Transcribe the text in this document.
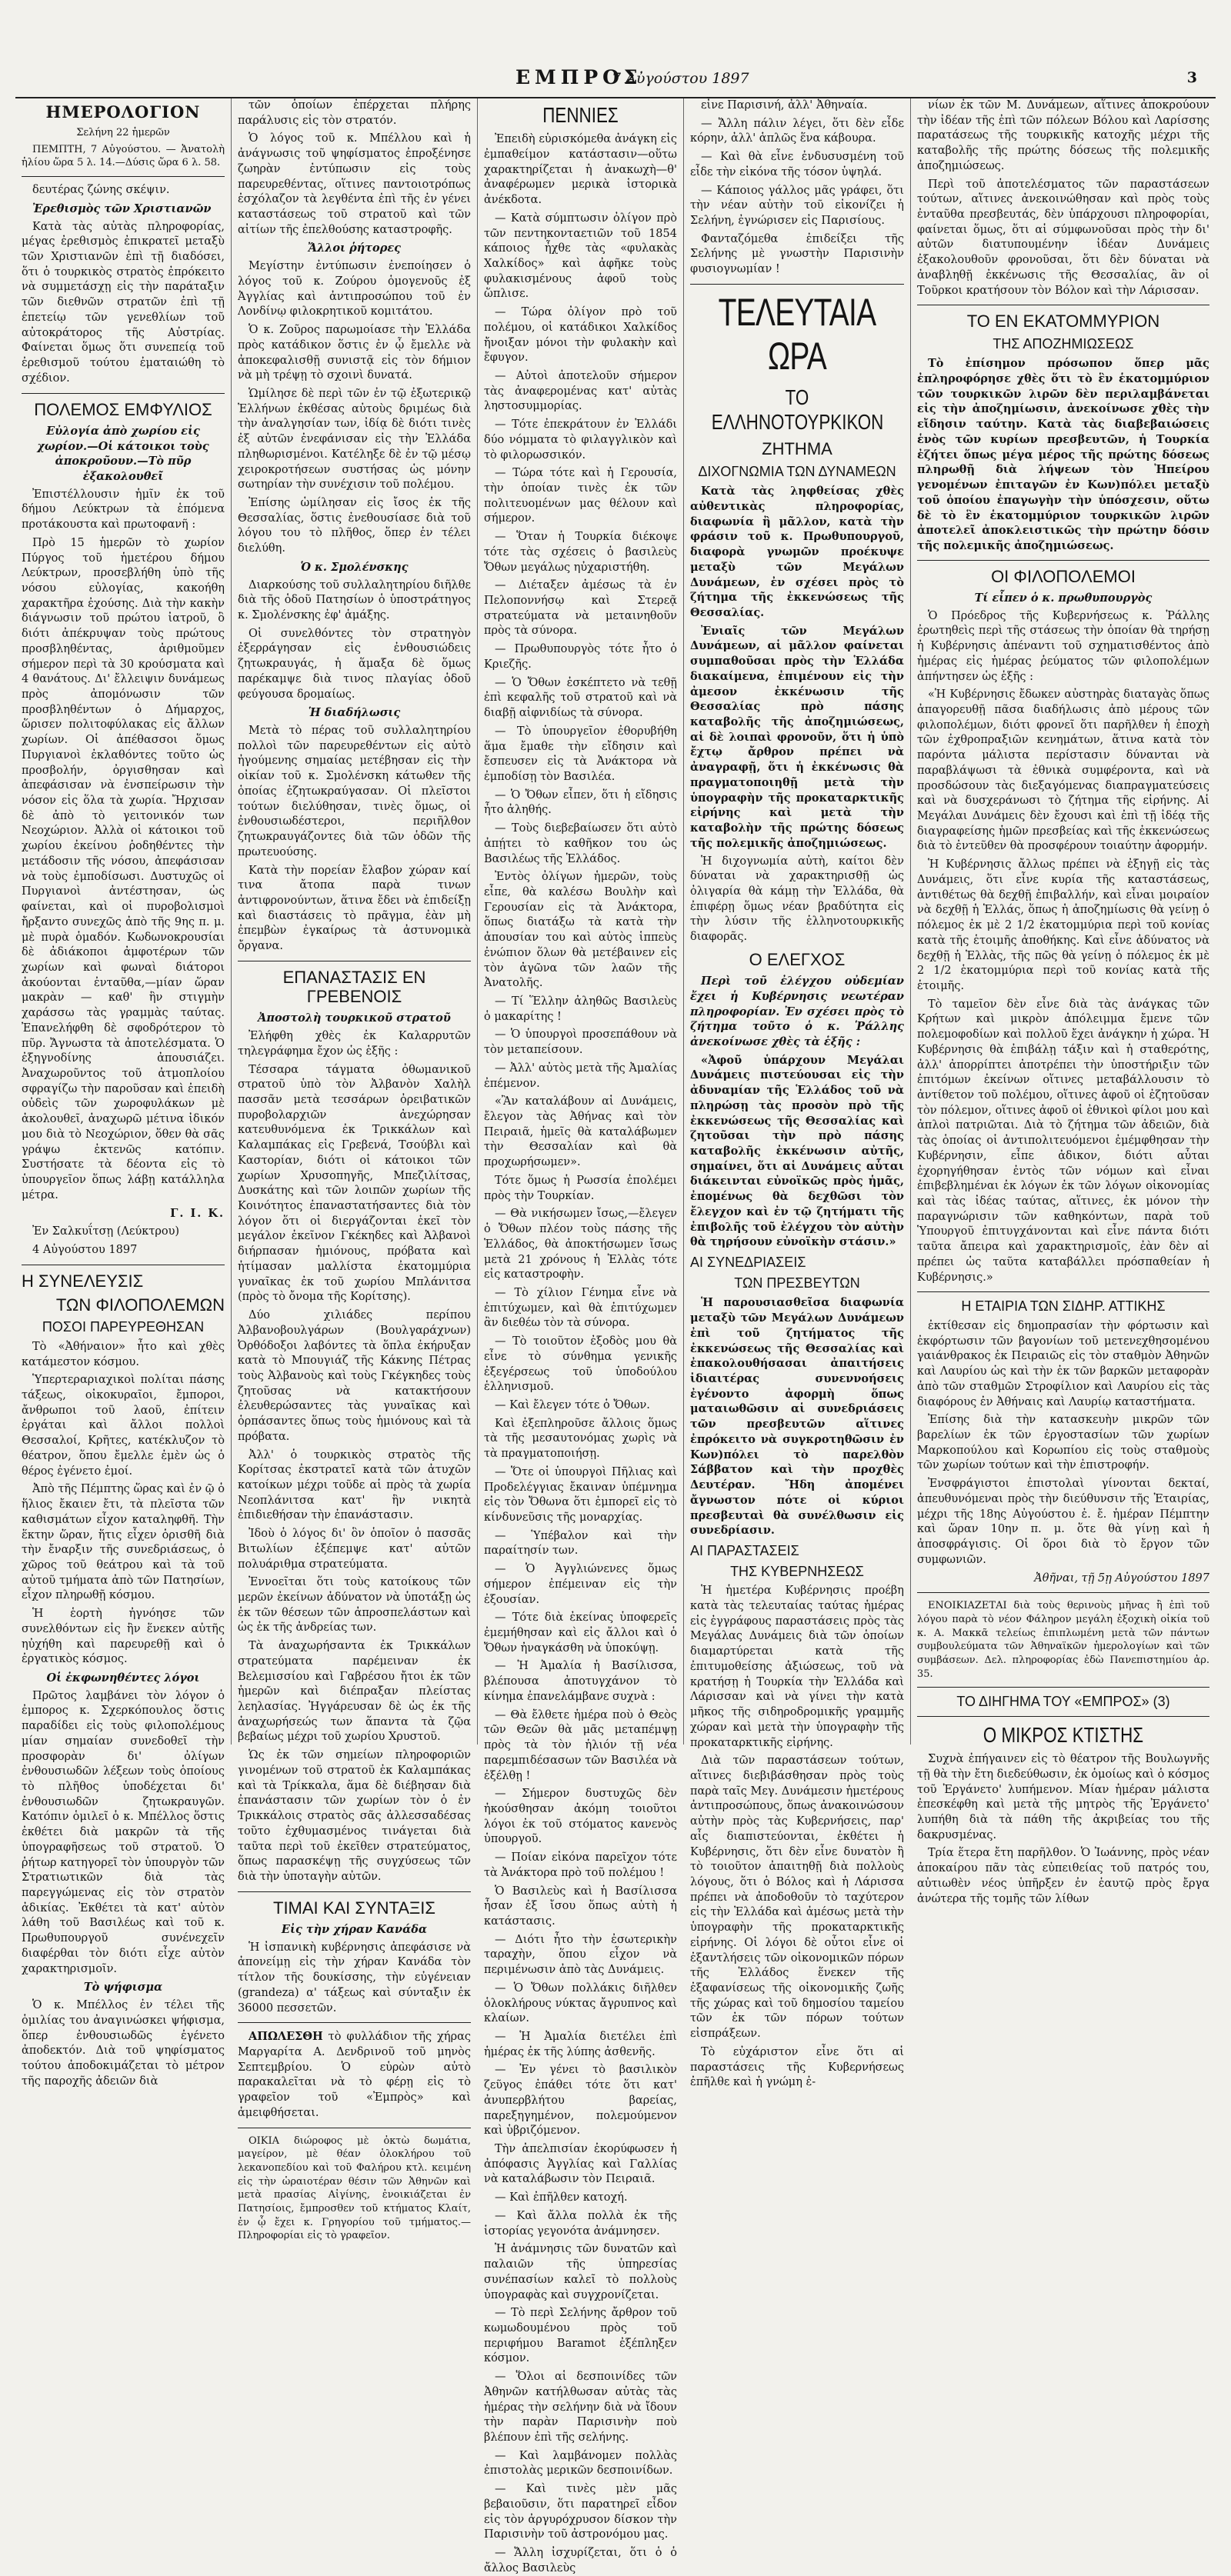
ΕΜΠΡΟΣ
7 Αὐγούστου 1897	3
ΗΜΕΡΟΛΟΓΙΟΝ

Σελήνη 22 ἡμερῶν

ΠΕΜΠΤΗ, 7 Αὐγούστου. — Ἀνατολὴ ἡλίου ὥρα 5 λ. 14.—Δύσις ὥρα 6 λ. 58.

δευτέρας ζώνης σκέψιν.

Ἐρεθισμὸς τῶν Χριστιανῶν

Κατὰ τὰς αὐτὰς πληροφορίας, μέγας ἐρεθισμὸς ἐπικρατεῖ μεταξὺ τῶν Χριστιανῶν ἐπὶ τῇ διαδόσει, ὅτι ὁ τουρκικὸς στρατὸς ἐπρόκειτο νὰ συμμετάσχῃ εἰς τὴν παράταξιν τῶν διεθνῶν στρατῶν ἐπὶ τῇ ἐπετείῳ τῶν γενεθλίων τοῦ αὐτοκράτορος τῆς Αὐστρίας. Φαίνεται ὅμως ὅτι συνεπείᾳ τοῦ ἐρεθισμοῦ τούτου ἐματαιώθη τὸ σχέδιον.

ΠΟΛΕΜΟΣ ΕΜΦΥΛΙΟΣ

Εὐλογία ἀπὸ χωρίου εἰς χωρίον.—Οἱ κάτοικοι τοὺς ἀποκροῦουν.—Τὸ πῦρ ἐξακολουθεῖ

Ἐπιστέλλουσιν ἡμῖν ἐκ τοῦ δήμου Λεύκτρων τὰ ἑπόμενα προτάκουστα καὶ πρωτοφανῆ :

Πρὸ 15 ἡμερῶν τὸ χωρίον Πύργος τοῦ ἡμετέρου δήμου Λεύκτρων, προσεβλήθη ὑπὸ τῆς νόσου εὐλογίας, κακοήθη χαρακτῆρα ἐχούσης. Διὰ τὴν κακὴν διάγνωσιν τοῦ πρώτου ἰατροῦ, ὃ διότι ἀπέκρυψαν τοὺς πρώτους προσβληθέντας, ἀριθμοῦμεν σήμερον περὶ τὰ 30 κρούσματα καὶ 4 θανάτους. Δι' ἔλλειψιν δυνάμεως πρὸς ἀπομόνωσιν τῶν προσβληθέντων ὁ Δήμαρχος, ὥρισεν πολιτοφύλακας εἰς ἄλλων χωρίων. Οἱ ἀπέθασσοι ὅμως Πυργιανοὶ ἐκλαθόντες τοῦτο ὡς προσβολήν, ὀργισθησαν καὶ ἀπεφάσισαν νὰ ἐνσπείρωσιν τὴν νόσον εἰς ὅλα τὰ χωρία. Ἤρχισαν δὲ ἀπὸ τὸ γειτονικόν των Νεοχώριον. Ἀλλὰ οἱ κάτοικοι τοῦ χωρίου ἐκείνου ῥοδηθέντες τὴν μετάδοσιν τῆς νόσου, ἀπεφάσισαν νὰ τοὺς ἐμποδίσωσι. Δυστυχῶς οἱ Πυργιανοὶ ἀντέστησαν, ὡς φαίνεται, καὶ οἱ πυροβολισμοὶ ἤρξαντο συνεχῶς ἀπὸ τῆς 9ης π. μ. μὲ πυρὰ ὁμαδόν. Κωδωνοκρουσίαι δὲ ἀδιάκοποι ἀμφοτέρων τῶν χωρίων καὶ φωναὶ διάτοροι ἀκούονται ἐνταῦθα,—μίαν ὥραν μακρὰν — καθ' ἣν στιγμὴν χαράσσω τὰς γραμμὰς ταύτας. Ἐπανελήφθη δὲ σφοδρότερον τὸ πῦρ. Ἄγνωστα τὰ ἀποτελέσματα. Ὁ ἐξηγνοδίνης ἀπουσιάζει. Ἀναχωροῦντος τοῦ ἀτμοπλοίου σφραγίζω τὴν παροῦσαν καὶ ἐπειδὴ οὐδεὶς τῶν χωροφυλάκων μὲ ἀκολουθεῖ, ἀναχωρῶ μέτινα ἰδικόν μου διὰ τὸ Νεοχώριον, ὅθεν θὰ σᾶς γράψω ἐκτενῶς κατόπιν. Συστήσατε τὰ δέοντα εἰς τὸ ὑπουργεῖον ὅπως λάβῃ κατάλληλα μέτρα.

Γ. Ι. Κ.

Ἐν Σαλκυΐτσῃ (Λεύκτρου)

4 Αὐγούστου 1897

Η ΣΥΝΕΛΕΥΣΙΣ
ΤΩΝ ΦΙΛΟΠΟΛΕΜΩΝ
ΠΟΣΟΙ ΠΑΡΕΥΡΕΘΗΣΑΝ

Τὸ «Ἀθήναιον» ἦτο καὶ χθὲς κατάμεστον κόσμου.

Ὑπερτεραριαχικοὶ πολίται πάσης τάξεως, οἰκοκυραῖοι, ἔμποροι, ἄνθρωποι τοῦ λαοῦ, ἐπίτειν ἐργάται καὶ ἄλλοι πολλοὶ Θεσσαλοί, Κρῆτες, κατέκλυζον τὸ θέατρον, ὅπου ἔμελλε ἐμὲν ὡς ὁ θέρος ἐγένετο ἐμοί.

Ἀπὸ τῆς Πέμπτης ὥρας καὶ ἐν ῷ ὁ ἥλιος ἔκαιεν ἔτι, τὰ πλεῖστα τῶν καθισμάτων εἶχον καταληφθῆ. Τὴν ἕκτην ὥραν, ἥτις εἶχεν ὁρισθῆ διὰ τὴν ἔναρξιν τῆς συνεδριάσεως, ὁ χῶρος τοῦ θεάτρου καὶ τὰ τοῦ αὐτοῦ τμήματα ἀπὸ τῶν Πατησίων, εἶχον πληρωθῇ κόσμου.

Ἡ ἑορτὴ ἠγνόησε τῶν συνελθόντων εἰς ἣν ἕνεκεν αὐτῆς ηὐχήθη καὶ παρευρεθῇ καὶ ὁ ἐργατικὸς κόσμος.

Οἱ ἐκφωνηθέντες λόγοι

Πρῶτος λαμβάνει τὸν λόγον ὁ ἐμπορος κ. Σχερκόπουλος ὅστις παραδίδει εἰς τοὺς φιλοπολέμους μίαν σημαίαν συνεδοθεῖ τὴν προσφορὰν δι' ὀλίγων ἐνθουσιωδῶν λέξεων τοὺς ὁποίους τὸ πλῆθος ὑποδέχεται δι' ἐνθουσιωδῶν ζητωκραυγῶν. Κατόπιν ὁμιλεῖ ὁ κ. Μπέλλος ὅστις ἐκθέτει διὰ μακρῶν τὰ τῆς ὑπογραφῆσεως τοῦ στρατοῦ. Ὁ ῥήτωρ κατηγορεῖ τὸν ὑπουργὸν τῶν Στρατιωτικῶν διὰ τὰς παρεγγώμενας εἰς τὸν στρατὸν ἀδικίας. Ἐκθέτει τὰ κατ' αὐτὸν λάθη τοῦ Βασιλέως καὶ τοῦ κ. Πρωθυπουργοῦ συνένεχεῖν διαφέρθαι τὸν διότι εἶχε αὐτὸν χαρακτηρισμοῖν.

Τὸ ψήφισμα

Ὁ κ. Μπέλλος ἐν τέλει τῆς ὁμιλίας του ἀναγινώσκει ψήφισμα, ὅπερ ἐνθουσιωδῶς ἐγένετο ἀποδεκτόν. Διὰ τοῦ ψηφίσματος τούτου ἀποδοκιμάζεται τὸ μέτρον τῆς παροχῆς ἀδειῶν διὰ

τῶν ὁποίων ἐπέρχεται πλήρης παράλυσις εἰς τὸν στρατόν.

Ὁ λόγος τοῦ κ. Μπέλλου καὶ ἡ ἀνάγνωσις τοῦ ψηφίσματος ἐπροξένησε ζωηρὰν ἐντύπωσιν εἰς τοὺς παρευρεθέντας, οἵτινες παντοιοτρόπως ἐσχόλαζον τὰ λεγθέντα ἐπὶ τῆς ἐν γένει καταστάσεως τοῦ στρατοῦ καὶ τῶν αἰτίων τῆς ἐπελθούσης καταστροφῆς.

Ἄλλοι ῥήτορες

Μεγίστην ἐντύπωσιν ἐνεποίησεν ὁ λόγος τοῦ κ. Ζούρου ὁμογενοῦς ἐξ Ἀγγλίας καὶ ἀντιπροσώπου τοῦ ἐν Λονδίνῳ φιλοκρητικοῦ κομιτάτου.

Ὁ κ. Ζοῦρος παρωμοίασε τὴν Ἑλλάδα πρὸς κατάδικον ὅστις ἐν ᾧ ἔμελλε νὰ ἀποκεφαλισθῇ συνιστᾷ εἰς τὸν δήμιον νὰ μὴ τρέψῃ τὸ σχοινὶ δυνατά.

Ὡμίλησε δὲ περὶ τῶν ἐν τῷ ἐξωτερικῷ Ἑλλήνων ἐκθέσας αὐτοὺς δριμέως διὰ τὴν ἀναλγησίαν των, ἰδίᾳ δὲ διότι τινὲς ἐξ αὐτῶν ἐνεφάνισαν εἰς τὴν Ἑλλάδα πληθωρισμένοι. Κατέληξε δὲ ἐν τῷ μέσῳ χειροκροτήσεων συστήσας ὡς μόνην σωτηρίαν τὴν συνέχισιν τοῦ πολέμου.

Ἐπίσης ὡμίλησαν εἰς ἴσος ἐκ τῆς Θεσσαλίας, ὅστις ἐνεθουσίασε διὰ τοῦ λόγου του τὸ πλῆθος, ὅπερ ἐν τέλει διελύθη.

Ὁ κ. Σμολένσκης

Διαρκούσης τοῦ συλλαλητηρίου διῆλθε διὰ τῆς ὁδοῦ Πατησίων ὁ ὑποστράτηγος κ. Σμολένσκης ἐφ' ἁμάξης.

Οἱ συνελθόντες τὸν στρατηγὸν ἐξερράγησαν εἰς ἐνθουσιώδεις ζητωκραυγάς, ἡ ἅμαξα δὲ ὅμως παρέκαμψε διὰ τινος πλαγίας ὁδοῦ φεύγουσα δρομαίως.

Ἡ διαδήλωσις

Μετὰ τὸ πέρας τοῦ συλλαλητηρίου πολλοὶ τῶν παρευρεθέντων εἰς αὐτὸ ἠγούμενης σημαίας μετέβησαν εἰς τὴν οἰκίαν τοῦ κ. Σμολένσκη κάτωθεν τῆς ὁποίας ἐζητωκραύγασαν. Οἱ πλεῖστοι τούτων διελύθησαν, τινὲς ὅμως, οἱ ἐνθουσιωδέστεροι, περιῆλθον ζητωκραυγάζοντες διὰ τῶν ὁδῶν τῆς πρωτευούσης.

Κατὰ τὴν πορείαν ἔλαβον χώραν καί τινα ἄτοπα παρὰ τινων ἀντιφρονούντων, ἅτινα ἔδει νὰ ἐπιδείξῃ καὶ διαστάσεις τὸ πρᾶγμα, ἐὰν μὴ ἐπεμβὼν ἐγκαίρως τὰ ἀστυνομικὰ ὄργανα.

ΕΠΑΝΑΣΤΑΣΙΣ ΕΝ ΓΡΕΒΕΝΟΙΣ

Ἀποστολὴ τουρκικοῦ στρατοῦ

Ἐλήφθη χθὲς ἐκ Καλαρρυτῶν τηλεγράφημα ἔχον ὡς ἑξῆς :

Τέσσαρα τάγματα ὀθωμανικοῦ στρατοῦ ὑπὸ τὸν Ἀλβανὸν Χαλὴλ πασσᾶν μετὰ τεσσάρων ὀρειβατικῶν πυροβολαρχιῶν ἀνεχώρησαν κατευθυνόμενα ἐκ Τρικκάλων καὶ Καλαμπάκας εἰς Γρεβενά, Τσούβλι καὶ Καστορίαν, διότι οἱ κάτοικοι τῶν χωρίων Χρυσοπηγῆς, Μπεζιλίτσας, Δυσκάτης καὶ τῶν λοιπῶν χωρίων τῆς Κοινότητος ἐπαναστατήσαντες διὰ τὸν λόγον ὅτι οἱ διεργάζονται ἐκεῖ τὸν μεγάλον ἐκεῖνον Γκέκηδες καὶ Ἀλβανοὶ διήρπασαν ἡμιόνους, πρόβατα καὶ ἠτίμασαν μαλλίστα ἐκατομμύρια γυναῖκας ἐκ τοῦ χωρίου Μπλάνιτσα (πρὸς τὸ ὄνομα τῆς Κορίτσης).

Δύο χιλιάδες περίπου Ἀλβανοβουλγάρων (Βουλγαράχνων) Ὀρθόδοξοι λαβόντες τὰ ὅπλα ἐκήρυξαν κατὰ τὸ Μπουγιάζ τῆς Κάκνης Πέτρας τοὺς Ἀλβανοὺς καὶ τοὺς Γκέγκηδες τοὺς ζητοῦσας νὰ κατακτήσουν ἐλευθερώσαντες τὰς γυναῖκας καὶ ὁρπάσαντες ὅπως τοὺς ἡμιόνους καὶ τὰ πρόβατα.

Ἀλλ' ὁ τουρκικὸς στρατὸς τῆς Κορίτσας ἐκστρατεῖ κατὰ τῶν ἀτυχῶν κατοίκων μέχρι τοῦδε αἱ πρὸς τὰ χωρία Νεοπλάνιτσα κατ' ἣν νικητὰ ἐπιδιεθήσαν τὴν ἐπανάστασιν.

Ἰδοὺ ὁ λόγος δι' ὃν ὁποῖον ὁ πασσᾶς Βιτωλίων ἐξέπεμψε κατ' αὐτῶν πολυάριθμα στρατεύματα.

Ἐννοεῖται ὅτι τοὺς κατοίκους τῶν μερῶν ἐκείνων ἀδύνατον νὰ ὑποτάξῃ ὡς ἐκ τῶν θέσεων τῶν ἀπροσπελάστων καὶ ὡς ἐκ τῆς ἀνδρείας των.

Τὰ ἀναχωρήσαντα ἐκ Τρικκάλων στρατεύματα παρέμειναν ἐκ Βελεμισσίου καὶ Γαβρέσου ἤτοι ἐκ τῶν ἡμερῶν καὶ διέπραξαν πλείστας λεηλασίας. Ἠγγάρευσαν δὲ ὡς ἐκ τῆς ἀναχωρήσεώς των ἅπαντα τὰ ζῷα βεβαίως μέχρι τοῦ χωρίου Χρυστοῦ.

Ὡς ἐκ τῶν σημείων πληροφοριῶν γινομένων τοῦ στρατοῦ ἐκ Καλαμπάκας καὶ τὰ Τρίκκαλα, ἅμα δὲ διέβησαν διὰ ἐπανάστασιν τῶν χωρίων τὸν ὁ ἐν Τρικκάλοις στρατὸς σᾶς ἀλλεσσαδέσας τοῦτο ἐχθυμασμένος τινάγεται διὰ ταῦτα περὶ τοῦ ἐκεῖθεν στρατεύματος, ὅπως παρασκέψῃ τῆς συγχύσεως τῶν διὰ τὴν ὑποταγὴν αὐτῶν.

ΤΙΜΑΙ ΚΑΙ ΣΥΝΤΑΞΙΣ

Εἰς τὴν χήραν Κανάδα

Ἡ ἰσπανικὴ κυβέρνησις ἀπεφάσισε νὰ ἀπονείμῃ εἰς τὴν χήραν Κανάδα τὸν τίτλον τῆς δουκίσσης, τὴν εὐγένειαν (grandeza) α' τάξεως καὶ σύνταξιν ἐκ 36000 πεσσετῶν.

ΑΠΩΛΕΣΘΗ τὸ φυλλάδιον τῆς χήρας Μαργαρίτα Α. Δενδρινοῦ τοῦ μηνὸς Σεπτεμβρίου. Ὁ εὑρὼν αὐτὸ παρακαλεῖται νὰ τὸ φέρῃ εἰς τὸ γραφεῖον τοῦ «Ἐμπρὸς» καὶ ἀμειφθήσεται.

ΟΙΚΙΑ διώροφος μὲ ὀκτὼ δωμάτια, μαγείρον, μὲ θέαν ὁλοκλήρου τοῦ λεκανοπεδίου καὶ τοῦ Φαλήρου κτλ. κειμένη εἰς τὴν ὡραιοτέραν θέσιν τῶν Ἀθηνῶν καὶ μετὰ πρασίας Αἰγίνης, ἐνοικιάζεται ἐν Πατησίοις, ἔμπροσθεν τοῦ κτήματος Κλαίτ, ἐν ᾧ ἔχει κ. Γρηγορίου τοῦ τμήματος.—Πληροφορίαι εἰς τὸ γραφεῖον.

ΠΕΝΝΙΕΣ

Ἐπειδὴ εὑρισκόμεθα ἀνάγκη εἰς ἐμπαθείμον κατάστασιν—οὕτω χαρακτηρίζεται ἡ ἀνακωχὴ—θ' ἀναφέρωμεν μερικὰ ἱστορικὰ ἀνέκδοτα.

— Κατὰ σύμπτωσιν ὀλίγον πρὸ τῶν πεντηκονταετιῶν τοῦ 1854 κάποιος ἦχθε τὰς «φυλακὰς Χαλκίδος» καὶ ἀφῆκε τοὺς φυλακισμένους ἀφοῦ τοὺς ὥπλισε.

— Τώρα ὀλίγον πρὸ τοῦ πολέμου, οἱ κατάδικοι Χαλκίδος ἤνοιξαν μόνοι τὴν φυλακὴν καὶ ἔφυγον.

— Αὐτοὶ ἀποτελοῦν σήμερον τὰς ἀναφερομένας κατ' αὐτὰς ληστοσυμμορίας.

— Τότε ἐπεκράτουν ἐν Ἑλλάδι δύο νόμματα τὸ φιλαγγλικὸν καὶ τὸ φιλορωσσικόν.

— Τώρα τότε καὶ ἡ Γερουσία, τὴν ὁποίαν τινὲς ἐκ τῶν πολιτευομένων μας θέλουν καὶ σήμερον.

— Ὅταν ἡ Τουρκία διέκοψε τότε τὰς σχέσεις ὁ βασιλεὺς Ὄθων μεγάλως ηὐχαριστήθη.

— Διέταξεν ἀμέσως τὰ ἐν Πελοποννήσῳ καὶ Στερεᾷ στρατεύματα νὰ μεταινηθοῦν πρὸς τὰ σύνορα.

— Πρωθυπουργὸς τότε ἦτο ὁ Κριεζῆς.

— Ὁ Ὄθων ἐσκέπτετο νὰ τεθῇ ἐπὶ κεφαλῆς τοῦ στρατοῦ καὶ νὰ διαβῇ αἰφνιδίως τὰ σύνορα.

— Τὸ ὑπουργεῖον ἐθορυβήθη ἅμα ἔμαθε τὴν εἴδησιν καὶ ἔσπευσεν εἰς τὰ Ἀνάκτορα νὰ ἐμποδίσῃ τὸν Βασιλέα.

— Ὁ Ὄθων εἶπεν, ὅτι ἡ εἴδησις ἦτο ἀληθής.

— Τοὺς διεβεβαίωσεν ὅτι αὐτὸ ἀπῄτει τὸ καθῆκον του ὡς Βασιλέως τῆς Ἑλλάδος.

Ἐντὸς ὀλίγων ἡμερῶν, τοὺς εἶπε, θὰ καλέσω Βουλὴν καὶ Γερουσίαν εἰς τὰ Ἀνάκτορα, ὅπως διατάξω τὰ κατὰ τὴν ἀπουσίαν του καὶ αὐτὸς ἱππεὺς ἐνώπιον ὅλων θὰ μετέβαινεν εἰς τὸν ἀγῶνα τῶν λαῶν τῆς Ἀνατολῆς.

— Τί Ἕλλην ἀληθῶς Βασιλεὺς ὁ μακαρίτης !

— Ὁ ὑπουργοὶ προσεπάθουν νὰ τὸν μεταπείσουν.

— Ἀλλ' αὐτὸς μετὰ τῆς Ἀμαλίας ἐπέμενον.

«Ἂν καταλάβουν αἱ Δυνάμεις, ἔλεγον τὰς Ἀθήνας καὶ τὸν Πειραιᾶ, ἡμεῖς θὰ καταλάβωμεν τὴν Θεσσαλίαν καὶ θὰ προχωρήσωμεν».

Τότε ὅμως ἡ Ρωσσία ἐπολέμει πρὸς τὴν Τουρκίαν.

— Θὰ νικήσωμεν ἴσως,—ἔλεγεν ὁ Ὄθων πλέον τοὺς πάσης τῆς Ἑλλάδος, θὰ ἀποκτήσωμεν ἴσως μετὰ 21 χρόνους ἡ Ἑλλὰς τότε εἰς καταστροφὴν.

— Τὸ χίλιον Γένημα εἶνε νὰ ἐπιτύχωμεν, καὶ θὰ ἐπιτύχωμεν ἂν διεθέω τὸν τὰ σύνορα.

— Τὸ τοιοῦτον ἐξοδὸς μου θὰ εἶνε τὸ σύνθημα γενικῆς ἐξεγέρσεως τοῦ ὑποδούλου ἑλληνισμοῦ.

— Καὶ ἔλεγεν τότε ὁ Ὄθων.

Καὶ ἐξεπληροῦσε ἄλλοις ὅμως τὰ τῆς μεσαυτονόμας χωρὶς νὰ τὰ πραγματοποιήσῃ.

— Ὅτε οἱ ὑπουργοὶ Πῆλιας καὶ Προδελέγγιας ἔκαιναν ὑπέμνημα εἰς τὸν Ὄθωνα ὅτι ἐμπορεῖ εἰς τὸ κίνδυνεῦσις τῆς μοναρχίας.

— Ὑπέβαλον καὶ τὴν παραίτησίν των.

— Ὁ Ἀγγλιώνενες ὅμως σήμερον ἐπέμειναν εἰς τὴν ἐξουσίαν.

— Τότε διὰ ἐκείνας ὑποφερεῖς ἐμεμήθησαν καὶ εἰς ἄλλοι καὶ ὁ Ὄθων ἠναγκάσθη νὰ ὑποκύψῃ.

— Ἡ Ἀμαλία ἡ Βασίλισσα, βλέπουσα ἀποτυγχάνον τὸ κίνημα ἐπανελάμβανε συχνὰ :

— Θὰ ἔλθετε ἡμέρα ποὺ ὁ Θεὸς τῶν Θεῶν θὰ μᾶς μεταπέμψῃ πρὸς τὰ τὸν ἡλιόν τῇ νέα παρεμπιδέσασων τῶν Βασιλέα νὰ ἐξέλθῃ !

— Σήμερον δυστυχῶς δὲν ἠκούσθησαν ἀκόμη τοιοῦτοι λόγοι ἐκ τοῦ στόματος κανενὸς ὑπουργοῦ.

— Ποίαν εἰκόνα παρεῖχον τότε τὰ Ἀνάκτορα πρὸ τοῦ πολέμου !

Ὁ Βασιλεὺς καὶ ἡ Βασίλισσα ἦσαν ἐξ ἴσου ὅπως αὐτὴ ἡ κατάστασις.

— Διότι ἦτο τὴν ἐσωτερικὴν ταραχὴν, ὅπου εἶχον νὰ περιμένωσιν ἀπὸ τὰς Δυνάμεις.

— Ὁ Ὄθων πολλάκις διῆλθεν ὁλοκλήρους νύκτας ἄγρυπνος καὶ κλαίων.

— Ἡ Ἀμαλία διετέλει ἐπὶ ἡμέρας ἐκ τῆς λύπης ἀσθενῆς.

— Ἐν γένει τὸ βασιλικὸν ζεῦγος ἐπάθει τότε ὅτι κατ' ἀνυπερβλήτου βαρείας, παρεξηγημένον, πολεμούμενον καὶ ὑβριζόμενον.

Τὴν ἀπελπισίαν ἐκορύφωσεν ἡ ἀπόφασις Ἀγγλίας καὶ Γαλλίας νὰ καταλάβωσιν τὸν Πειραιᾶ.

— Καὶ ἐπῆλθεν κατοχή.

— Καὶ ἄλλα πολλὰ ἐκ τῆς ἱστορίας γεγονότα ἀνάμνησεν.

Ἡ ἀνάμνησις τῶν δυνατῶν καὶ παλαιῶν τῆς ὑπηρεσίας συνέπασίων καλεῖ τὸ πολλοὺς ὑπογραφὰς καὶ συγχρονίζεται.

— Τὸ περὶ Σελήνης ἄρθρον τοῦ κωμωδουμένου πρὸς τοῦ περιφήμου Baramot ἐξέπληξεν κόσμον.

— Ὅλοι αἱ δεσποινίδες τῶν Ἀθηνῶν κατήλθωσαν αὐτὰς τὰς ἡμέρας τὴν σελήνην διὰ νὰ ἴδουν τὴν παρὰν Παρισινὴν ποὺ βλέπουν ἐπὶ τῆς σελήνης.

— Καὶ λαμβάνομεν πολλὰς ἐπιστολὰς μερικῶν δεσποινίδων.

— Καὶ τινὲς μὲν μᾶς βεβαιοῦσιν, ὅτι παρατηρεῖ εἶδον εἰς τὸν ἀργυρόχρυσον δίσκον τὴν Παρισινὴν τοῦ ἀστρονόμου μας.

— Ἄλλη ἰσχυρίζεται, ὅτι ὁ ὁ ἄλλος Βασιλεὺς

εἶνε Παρισινή, ἀλλ' Ἀθηναία.

— Ἄλλη πάλιν λέγει, ὅτι δὲν εἶδε κόρην, ἀλλ' ἁπλῶς ἕνα κάβουρα.

— Καὶ θὰ εἶνε ἐνδυσυσμένη τοῦ εἶδε τὴν εἰκόνα τῆς τόσον ὑψηλά.

— Κάποιος γάλλος μᾶς γράφει, ὅτι τὴν νέαν αὐτὴν τοῦ εἰκονίζει ἡ Σελήνη, ἐγνώρισεν εἰς Παρισίους.

Φανταζόμεθα ἐπιδείξει τῆς Σελήνης μὲ γνωστὴν Παρισινὴν φυσιογνωμίαν !

ΤΕΛΕΥΤΑΙΑ ΩΡΑ
ΤΟ ΕΛΛΗΝΟΤΟΥΡΚΙΚΟΝ
ΖΗΤΗΜΑ
ΔΙΧΟΓΝΩΜΙΑ ΤΩΝ ΔΥΝΑΜΕΩΝ

Κατὰ τὰς ληφθείσας χθὲς αὐθεντικὰς πληροφορίας, διαφωνία ἢ μᾶλλον, κατὰ τὴν φράσιν τοῦ κ. Πρωθυπουργοῦ, διαφορὰ γνωμῶν προέκυψε μεταξὺ τῶν Μεγάλων Δυνάμεων, ἐν σχέσει πρὸς τὸ ζήτημα τῆς ἐκκενώσεως τῆς Θεσσαλίας.

Ἐνιαῖς τῶν Μεγάλων Δυνάμεων, αἱ μᾶλλον φαίνεται συμπαθοῦσαι πρὸς τὴν Ἑλλάδα διακαίμενα, ἐπιμένουν εἰς τὴν ἀμεσον ἐκκένωσιν τῆς Θεσσαλίας πρὸ πάσης καταβολῆς τῆς ἀποζημιώσεως, αἱ δὲ λοιπαὶ φρονοῦν, ὅτι ἡ ὑπὸ ἔχτῳ ἄρθρον πρέπει νὰ ἀναγραφῇ, ὅτι ἡ ἐκκένωσις θὰ πραγματοποιηθῇ μετὰ τὴν ὑπογραφὴν τῆς προκαταρκτικῆς εἰρήνης καὶ μετὰ τὴν καταβολὴν τῆς πρώτης δόσεως τῆς πολεμικῆς ἀποζημιώσεως.

Ἡ διχογνωμία αὐτὴ, καίτοι δὲν δύναται νὰ χαρακτηρισθῇ ὡς ὀλιγαρία θὰ κάμῃ τὴν Ἑλλάδα, θὰ ἐπιφέρῃ ὅμως νέαν βραδύτητα εἰς τὴν λύσιν τῆς ἑλληνοτουρκικῆς διαφορᾶς.

Ο ΕΛΕΓΧΟΣ

Περὶ τοῦ ἐλέγχου οὐδεμίαν ἔχει ἡ Κυβέρνησις νεωτέραν πληροφορίαν. Ἐν σχέσει πρὸς τὸ ζήτημα τοῦτο ὁ κ. Ῥάλλης ἀνεκοίνωσε χθὲς τὰ ἑξῆς :

«Ἀφοῦ ὑπάρχουν Μεγάλαι Δυνάμεις πιστεύουσαι εἰς τὴν ἀδυναμίαν τῆς Ἑλλάδος τοῦ νὰ πληρώσῃ τὰς προσὸν πρὸ τῆς ἐκκενώσεως τῆς Θεσσαλίας καὶ ζητοῦσαι τὴν πρὸ πάσης καταβολῆς ἐκκένωσιν αὐτῆς, σημαίνει, ὅτι αἱ Δυνάμεις αὗται διάκεινται εὐνοϊκῶς πρὸς ἡμᾶς, ἐπομένως θὰ δεχθῶσι τὸν ἔλεγχον καὶ ἐν τῷ ζητήματι τῆς ἐπιβολῆς τοῦ ἐλέγχου τὸν αὐτὴν θὰ τηρήσουν εὐνοϊκὴν στάσιν.»

ΑΙ ΣΥΝΕΔΡΙΑΣΕΙΣ
ΤΩΝ ΠΡΕΣΒΕΥΤΩΝ

Ἡ παρουσιασθεῖσα διαφωνία μεταξὺ τῶν Μεγάλων Δυνάμεων ἐπὶ τοῦ ζητήματος τῆς ἐκκενώσεως τῆς Θεσσαλίας καὶ ἐπακολουθήσασαι ἀπαιτήσεις ἰδιαιτέρας συνεννοήσεις ἐγένοντο ἀφορμὴ ὅπως ματαιωθῶσιν αἱ συνεδριάσεις τῶν πρεσβευτῶν αἵτινες ἐπρόκειτο νὰ συγκροτηθῶσιν ἐν Κων)πόλει τὸ παρελθὸν Σάββατον καὶ τὴν προχθὲς Δευτέραν. Ἤδη ἀπομένει ἄγνωστον πότε οἱ κύριοι πρεσβευταὶ θὰ συνέλθωσιν εἰς συνεδρίασιν.

ΑΙ ΠΑΡΑΣΤΑΣΕΙΣ
ΤΗΣ ΚΥΒΕΡΝΗΣΕΩΣ

Ἡ ἡμετέρα Κυβέρνησις προέβη κατὰ τὰς τελευταίας ταύτας ἡμέρας εἰς ἐγγράφους παραστάσεις πρὸς τὰς Μεγάλας Δυνάμεις διὰ τῶν ὁποίων διαμαρτύρεται κατὰ τῆς ἐπιτυμοθείσης ἀξιώσεως, τοῦ νὰ κρατήσῃ ἡ Τουρκία τὴν Ἑλλάδα καὶ Λάρισσαν καὶ νὰ γίνει τὴν κατὰ μῆκος τῆς σιδηροδρομικῆς γραμμῆς χώραν καὶ μετὰ τὴν ὑπογραφὴν τῆς προκαταρκτικῆς εἰρήνης.

Διὰ τῶν παραστάσεων τούτων, αἵτινες διεβιβάσθησαν πρὸς τοὺς παρὰ ταῖς Μεγ. Δυνάμεσιν ἡμετέρους ἀντιπροσώπους, ὅπως ἀνακοινώσουν αὐτὴν πρὸς τὰς Κυβερνήσεις, παρ' αἷς διαπιστεύονται, ἐκθέτει ἡ Κυβέρνησις, ὅτι δὲν εἶνε δυνατὸν ἢ τὸ τοιοῦτον ἀπαιτηθῇ διὰ πολλοὺς λόγους, ὅτι ὁ Βόλος καὶ ἡ Λάρισσα πρέπει νὰ ἀποδοθοῦν τὸ ταχύτερον εἰς τὴν Ἑλλάδα καὶ ἀμέσως μετὰ τὴν ὑπογραφὴν τῆς προκαταρκτικῆς εἰρήνης. Οἱ λόγοι δὲ οὗτοι εἶνε οἱ ἐξαντλήσεις τῶν οἰκονομικῶν πόρων τῆς Ἑλλάδος ἕνεκεν τῆς ἐξαφανίσεως τῆς οἰκονομικῆς ζωῆς τῆς χώρας καὶ τοῦ δημοσίου ταμείου τῶν ἐκ τῶν πόρων τούτων εἰσπράξεων.

Τὸ εὐχάριστον εἶνε ὅτι αἱ παραστάσεις τῆς Κυβερνήσεως ἐπῆλθε καὶ ἡ γνώμη ἐ-

νίων ἐκ τῶν Μ. Δυνάμεων, αἵτινες ἀποκρούουν τὴν ἰδέαν τῆς ἐπὶ τῶν πόλεων Βόλου καὶ Λαρίσσης παρατάσεως τῆς τουρκικῆς κατοχῆς μέχρι τῆς καταβολῆς τῆς πρώτης δόσεως τῆς πολεμικῆς ἀποζημιώσεως.

Περὶ τοῦ ἀποτελέσματος τῶν παραστάσεων τούτων, αἵτινες ἀνεκοινώθησαν καὶ πρὸς τοὺς ἐνταῦθα πρεσβευτάς, δὲν ὑπάρχουσι πληροφορίαι, φαίνεται ὅμως, ὅτι αἱ σύμφωνοῦσαι πρὸς τὴν δι' αὐτῶν διατυπουμένην ἰδέαν Δυνάμεις ἐξακολουθοῦν φρονοῦσαι, ὅτι δὲν δύναται νὰ ἀναβληθῇ ἐκκένωσις τῆς Θεσσαλίας, ἂν οἱ Τοῦρκοι κρατήσουν τὸν Βόλον καὶ τὴν Λάρισσαν.

ΤΟ ΕΝ ΕΚΑΤΟΜΜΥΡΙΟΝ
ΤΗΣ ΑΠΟΖΗΜΙΩΣΕΩΣ

Τὸ ἐπίσημον πρόσωπον ὅπερ μᾶς ἐπληροφόρησε χθὲς ὅτι τὸ ἓν ἑκατομμύριον τῶν τουρκικῶν λιρῶν δὲν περιλαμβάνεται εἰς τὴν ἀποζημίωσιν, ἀνεκοίνωσε χθὲς τὴν εἴδησιν ταύτην. Κατὰ τὰς διαβεβαιώσεις ἑνὸς τῶν κυρίων πρεσβευτῶν, ἡ Τουρκία ἐζήτει ὅπως μέγα μέρος τῆς πρώτης δόσεως πληρωθῇ διὰ λήψεων τὸν Ἠπείρου γενομένων ἐπιταγῶν ἐν Κων)πόλει μεταξὺ τοῦ ὁποίου ἐπαγωγὴν τὴν ὑπόσχεσιν, οὕτω δὲ τὸ ἓν ἑκατομμύριον τουρκικῶν λιρῶν ἀποτελεῖ ἀποκλειστικῶς τὴν πρώτην δόσιν τῆς πολεμικῆς ἀποζημιώσεως.

ΟΙ ΦΙΛΟΠΟΛΕΜΟΙ

Τί εἶπεν ὁ κ. πρωθυπουργὸς

Ὁ Πρόεδρος τῆς Κυβερνήσεως κ. Ῥάλλης ἐρωτηθεὶς περὶ τῆς στάσεως τὴν ὁποίαν θὰ τηρήσῃ ἡ Κυβέρνησις ἀπέναντι τοῦ σχηματισθέντος ἀπὸ ἡμέρας εἰς ἡμέρας ῥεύματος τῶν φιλοπολέμων ἀπήντησεν ὡς ἑξῆς :

«Ἡ Κυβέρνησις ἔδωκεν αὐστηρὰς διαταγὰς ὅπως ἀπαγορευθῇ πᾶσα διαδήλωσις ἀπὸ μέρους τῶν φιλοπολέμων, διότι φρονεῖ ὅτι παρῆλθεν ἡ ἐποχὴ τῶν ἐχθροπραξιῶν κενημάτων, ἅτινα κατὰ τὸν παρόντα μάλιστα περίστασιν δύνανται νὰ παραβλάψωσι τὰ ἐθνικὰ συμφέροντα, καὶ νὰ προσδώσουν τὰς διεξαγόμενας διαπραγματεύσεις καὶ νὰ δυσχεράνωσι τὸ ζήτημα τῆς εἰρήνης. Αἱ Μεγάλαι Δυνάμεις δὲν ἔχουσι καὶ ἐπὶ τῇ ἰδέᾳ τῆς διαγραφείσης ἡμῶν πρεσβείας καὶ τῆς ἐκκενώσεως διὰ τὸ ἐντεῦθεν θὰ προσφέρουν τοιαύτην ἀφορμήν.

Ἡ Κυβέρνησις ἄλλως πρέπει νὰ ἐξηγῇ εἰς τὰς Δυνάμεις, ὅτι εἶνε κυρία τῆς καταστάσεως, ἀντιθέτως θὰ δεχθῇ ἐπιβαλλήν, καὶ εἶναι μοιραίον νὰ δεχθῇ ἡ Ἑλλάς, ὅπως ἡ ἀποζημίωσις θὰ γείνῃ ὁ πόλεμος ἐκ μὲ 2 1/2 ἑκατομμύρια περὶ τοῦ κονίας κατὰ τῆς ἑτοιμῆς ἀποθήκης. Καὶ εἶνε ἀδύνατος νὰ δεχθῇ ἡ Ἑλλὰς, τῆς πῶς θὰ γείνῃ ὁ πόλεμος ἐκ μὲ 2 1/2 ἑκατομμύρια περὶ τοῦ κονίας κατὰ τῆς ἑτοιμῆς.

Τὸ ταμεῖον δὲν εἶνε διὰ τὰς ἀνάγκας τῶν Κρήτων καὶ μικρὸν ἀπόλειμμα ἔμενε τῶν πολεμοφοδίων καὶ πολλοῦ ἔχει ἀνάγκην ἡ χώρα. Ἡ Κυβέρνησις θὰ ἐπιβάλῃ τάξιν καὶ ἡ σταθερότης, ἀλλ' ἀπορρίπτει ἀποτρέπει τὴν ὑποστήριξιν τῶν ἐπιτόμων ἐκείνων οἵτινες μεταβάλλουσιν τὸ ἀντίθετον τοῦ πολέμου, οἵτινες ἀφοῦ οἱ ἐζητοῦσαν τὸν πόλεμον, οἵτινες ἀφοῦ οἱ ἐθνικοὶ φίλοι μου καὶ ἀπλοὶ πατριῶται. Διὰ τὸ ζήτημα τῶν ἀδειῶν, διὰ τὰς ὁποίας οἱ ἀντιπολιτευόμενοι ἐμέμφθησαν τὴν Κυβέρνησιν, εἶπε ἀδικον, διότι αὗται ἐχορηγήθησαν ἐντὸς τῶν νόμων καὶ εἶναι ἐπιβεβλημέναι ἐκ λόγων ἐκ τῶν λόγων οἰκονομίας καὶ τὰς ἰδέας ταύτας, αἵτινες, ἐκ μόνον τὴν παραγνώρισιν τῶν καθηκόντων, παρὰ τοῦ Ὑπουργοῦ ἐπιτυγχάνονται καὶ εἶνε πάντα διότι ταῦτα ἄπειρα καὶ χαρακτηρισμοῖς, ἐὰν δὲν αἱ πρέπει ὡς ταῦτα καταβάλλει πρόσπαθείαν ἡ Κυβέρνησις.»

Η ΕΤΑΙΡΙΑ ΤΩΝ ΣΙΔΗΡ. ΑΤΤΙΚΗΣ

ἐκτίθεσαν εἰς δημοπρασίαν τὴν φόρτωσιν καὶ ἐκφόρτωσιν τῶν βαγονίων τοῦ μετενεχθησομένου γαιάνθρακος ἐκ Πειραιῶς εἰς τὸν σταθμὸν Ἀθηνῶν καὶ Λαυρίου ὡς καὶ τὴν ἐκ τῶν βαρκῶν μεταφορὰν ἀπὸ τῶν σταθμῶν Στροφίλιον καὶ Λαυρίου εἰς τὰς διαφόρους ἐν Ἀθήναις καὶ Λαυρίῳ καταστήματα.

Ἐπίσης διὰ τὴν κατασκευὴν μικρῶν τῶν βαρελίων ἐκ τῶν ἐργοστασίων τῶν χωρίων Μαρκοπούλου καὶ Κορωπίου εἰς τοὺς σταθμοὺς τῶν χωρίων τούτων καὶ τὴν ἐπιστροφήν.

Ἐνσφράγιστοι ἐπιστολαὶ γίνονται δεκταί, ἀπευθυνόμεναι πρὸς τὴν διεύθυνσιν τῆς Ἑταιρίας, μέχρι τῆς 18ης Αὐγούστου ἐ. ἔ. ἡμέραν Πέμπτην καὶ ὥραν 10ην π. μ. ὅτε θὰ γίνῃ καὶ ἡ ἀποσφράγισις. Οἱ ὅροι διὰ τὸ ἔργον τῶν συμφωνιῶν.

Ἀθῆναι, τῇ 5ῃ Αὐγούστου 1897

ΕΝΟΙΚΙΑΖΕΤΑΙ διὰ τοὺς θερινοὺς μῆνας ἢ ἐπὶ τοῦ λόγου παρὰ τὸ νέον Φάληρον μεγάλη ἐξοχικὴ οἰκία τοῦ κ. Α. Μακκᾶ τελείως ἐπιπλωμένη μετὰ τῶν πάντων συμβουλεύματα τῶν Ἀθηναϊκῶν ἡμερολογίων καὶ τῶν συμβάσεων. Δελ. πληροφορίας ἐδὼ Πανεπιστημίου ἀρ. 35.

ΤΟ ΔΙΗΓΗΜΑ ΤΟΥ «ΕΜΠΡΟΣ» (3)
Ο ΜΙΚΡΟΣ ΚΤΙΣΤΗΣ

Συχνὰ ἐπήγαινεν εἰς τὸ θέατρον τῆς Βουλωγνῆς τῇ θὰ τὴν ἔτη διεδεύθωσιν, ἐκ ὁμοίως καὶ ὁ κόσμος τοῦ Ἐργάνετο' λυπήμενον. Μίαν ἡμέραν μάλιστα ἐπεσκέφθη καὶ μετὰ τῆς μητρὸς τῆς Ἐργάνετο' λυπήθη διὰ τὰ πάθη τῆς ἀκριβείας του τῆς δακρυσμένας.

Τρία ἕτερα ἔτη παρῆλθον. Ὁ Ἰωάννης, πρὸς νέαν ἀποκαίρου πᾶν τὰς εὐπειθείας τοῦ πατρός του, αὐτιωθὲν νέος ὑπῆρξεν ἐν ἑαυτῷ πρὸς ἔργα ἀνώτερα τῆς τομῆς τῶν λίθων
